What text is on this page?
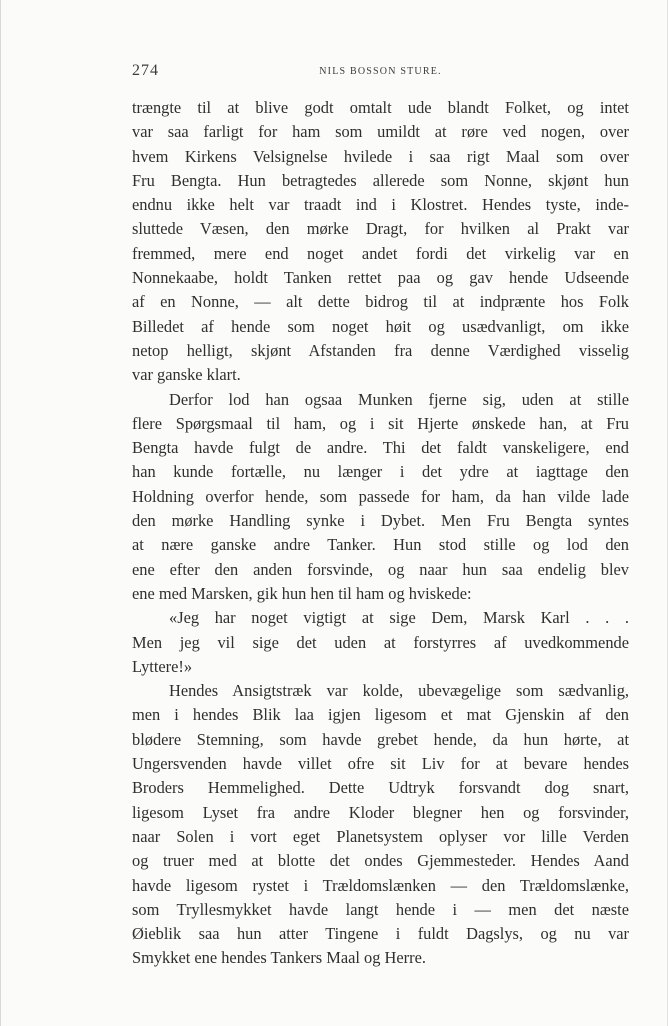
274	NILS BOSSON STURE.
trængte til at blive godt omtalt ude blandt Folket, og intet
var saa farligt for ham som umildt at røre ved nogen, over
hvem Kirkens Velsignelse hvilede i saa rigt Maal som over
Fru Bengta. Hun betragtedes allerede som Nonne, skjønt hun
endnu ikke helt var traadt ind i Klostret. Hendes tyste, inde-
sluttede Væsen, den mørke Dragt, for hvilken al Prakt var
fremmed, mere end noget andet fordi det virkelig var en
Nonnekaabe, holdt Tanken rettet paa og gav hende Udseende
af en Nonne, — alt dette bidrog til at indprænte hos Folk
Billedet af hende som noget høit og usædvanligt, om ikke
netop helligt, skjønt Afstanden fra denne Værdighed visselig
var ganske klart.
Derfor lod han ogsaa Munken fjerne sig, uden at stille
flere Spørgsmaal til ham, og i sit Hjerte ønskede han, at Fru
Bengta havde fulgt de andre. Thi det faldt vanskeligere, end
han kunde fortælle, nu længer i det ydre at iagttage den
Holdning overfor hende, som passede for ham, da han vilde lade
den mørke Handling synke i Dybet. Men Fru Bengta syntes
at nære ganske andre Tanker. Hun stod stille og lod den
ene efter den anden forsvinde, og naar hun saa endelig blev
ene med Marsken, gik hun hen til ham og hviskede:
«Jeg har noget vigtigt at sige Dem, Marsk Karl . . .
Men jeg vil sige det uden at forstyrres af uvedkommende
Lyttere!»
Hendes Ansigtstræk var kolde, ubevægelige som sædvanlig,
men i hendes Blik laa igjen ligesom et mat Gjenskin af den
blødere Stemning, som havde grebet hende, da hun hørte, at
Ungersvenden havde villet ofre sit Liv for at bevare hendes
Broders Hemmelighed. Dette Udtryk forsvandt dog snart,
ligesom Lyset fra andre Kloder blegner hen og forsvinder,
naar Solen i vort eget Planetsystem oplyser vor lille Verden
og truer med at blotte det ondes Gjemmesteder. Hendes Aand
havde ligesom rystet i Trældomslænken — den Trældomslænke,
som Tryllesmykket havde langt hende i — men det næste
Øieblik saa hun atter Tingene i fuldt Dagslys, og nu var
Smykket ene hendes Tankers Maal og Herre.
